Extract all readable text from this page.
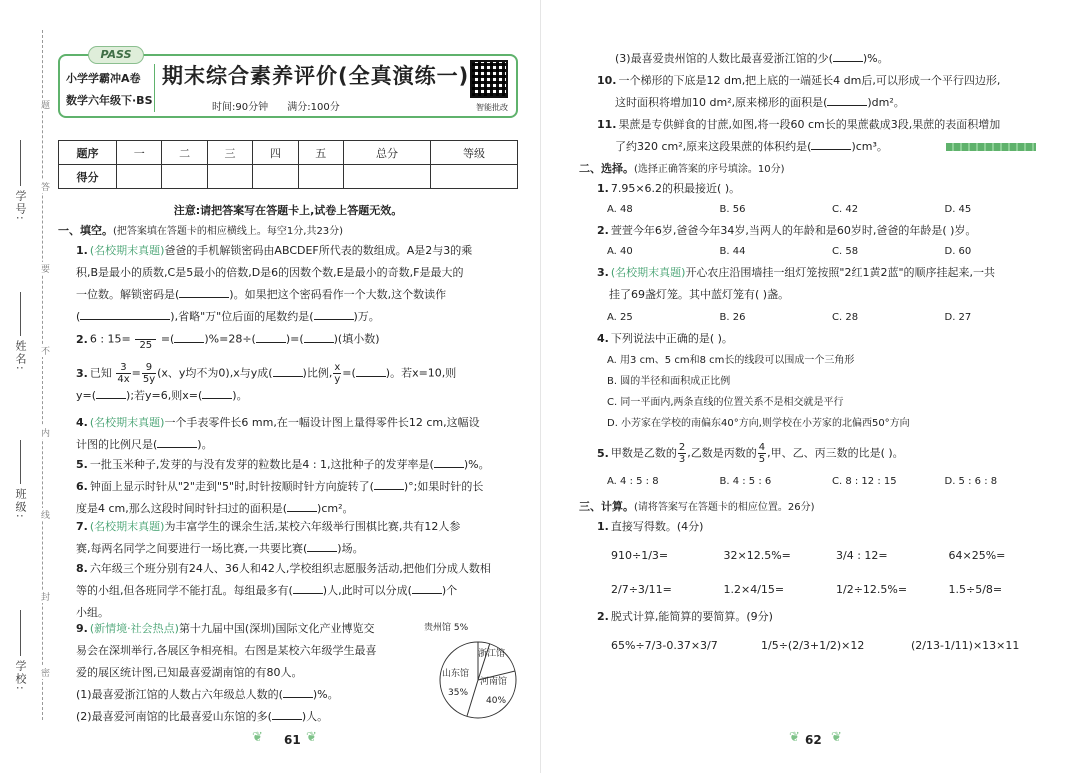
学校:
班级:
姓名:
学号:
题
答
要
不
内
线
封
密
PASS
小学学霸冲A卷
数学六年级下·BS
期末综合素养评价(全真演练一)
时间:90分钟 满分:100分	智能批改
题序	一	二	三	四	五	总分	等级
得分							
注意:请把答案写在答题卡上,试卷上答题无效。
一、填空。(把答案填在答题卡的相应横线上。每空1分,共23分)
1. (名校期末真题)爸爸的手机解锁密码由ABCDEF所代表的数组成。A是2与3的乘
积,B是最小的质数,C是5最小的倍数,D是6的因数个数,E是最小的奇数,F是最大的
一位数。解锁密码是(	)。如果把这个密码看作一个大数,这个数读作
(	),省略"万"位后面的尾数约是(	)万。
2. 6 : 15=
25 =(	)%=28÷(	)=(	)(填小数)
3. 已知 $\frac{3}{4x} = \frac{9}{5y} (x$、y均不为0),x与y成(	)比例, $\frac{x}{y}$ =(	)。若x=10,则
y=(	);若y=6,则x=(	)。
4. (名校期末真题)一个手表零件长6 mm,在一幅设计图上量得零件长12 cm,这幅设
计图的比例尺是(	)。
5. 一批玉米种子,发芽的与没有发芽的粒数比是4 : 1,这批种子的发芽率是(	)%。
6. 钟面上显示时针从"2"走到"5"时,时针按顺时针方向旋转了(	)°;如果时针的长
度是4 cm,那么这段时间时针扫过的面积是(	)cm²。
7. (名校期末真题)为丰富学生的课余生活,某校六年级举行围棋比赛,共有12人参
赛,每两名同学之间要进行一场比赛,一共要比赛(	)场。
8. 六年级三个班分别有24人、36人和42人,学校组织志愿服务活动,把他们分成人数相
等的小组,但各班同学不能打乱。每组最多有(	)人,此时可以分成(	)个
小组。
9. (新情境·社会热点)第十九届中国(深圳)国际文化产业博览交
易会在深圳举行,各展区争相亮相。右图是某校六年级学生最喜
爱的展区统计图,已知最喜爱湖南馆的有80人。
(1)最喜爱浙江馆的人数占六年级总人数的(	)%。
(2)最喜爱河南馆的比最喜爱山东馆的多(	)人。
贵州馆 5%
浙江馆
河南馆
40%
山东馆
35%
❦ 61 ❦
(3)最喜爱贵州馆的人数比最喜爱浙江馆的少(	)%。
10. 一个梯形的下底是12 dm,把上底的一端延长4 dm后,可以形成一个平行四边形,
这时面积将增加10 dm²,原来梯形的面积是(	)dm²。
11. 果蔗是专供鲜食的甘蔗,如图,将一段60 cm长的果蔗截成3段,果蔗的表面积增加
了约320 cm²,原来这段果蔗的体积约是(	)cm³。
二、选择。(选择正确答案的序号填涂。10分)
1. 7.95×6.2的积最接近( )。
A. 48	B. 56	C. 42	D. 45
2. 萱萱今年6岁,爸爸今年34岁,当两人的年龄和是60岁时,爸爸的年龄是( )岁。
A. 40	B. 44	C. 58	D. 60
3. (名校期末真题)开心农庄沿围墙挂一组灯笼按照"2红1黄2蓝"的顺序挂起来,一共
挂了69盏灯笼。其中蓝灯笼有( )盏。
A. 25	B. 26	C. 28	D. 27
4. 下列说法中正确的是( )。
A. 用3 cm、5 cm和8 cm长的线段可以围成一个三角形
B. 圆的半径和面积成正比例
C. 同一平面内,两条直线的位置关系不是相交就是平行
D. 小芳家在学校的南偏东40°方向,则学校在小芳家的北偏西50°方向
5. 甲数是乙数的 $\frac{2}{3}$ ,乙数是丙数的 $\frac{4}{5}$ ,甲、乙、丙三数的比是( )。
A. 4 : 5 : 8	B. 4 : 5 : 6	C. 8 : 12 : 15	D. 5 : 6 : 8
三、计算。(请将答案写在答题卡的相应位置。26分)
1. 直接写得数。(4分)
910÷1/3=	32×12.5%=	3/4 : 12=	64×25%=
2/7÷3/11=	1.2×4/15=	1/2÷12.5%=	1.5÷5/8=
2. 脱式计算,能简算的要简算。(9分)
65%÷7/3-0.37×3/7	1/5÷(2/3+1/2)×12	(2/13-1/11)×13×11
❦ 62 ❦
